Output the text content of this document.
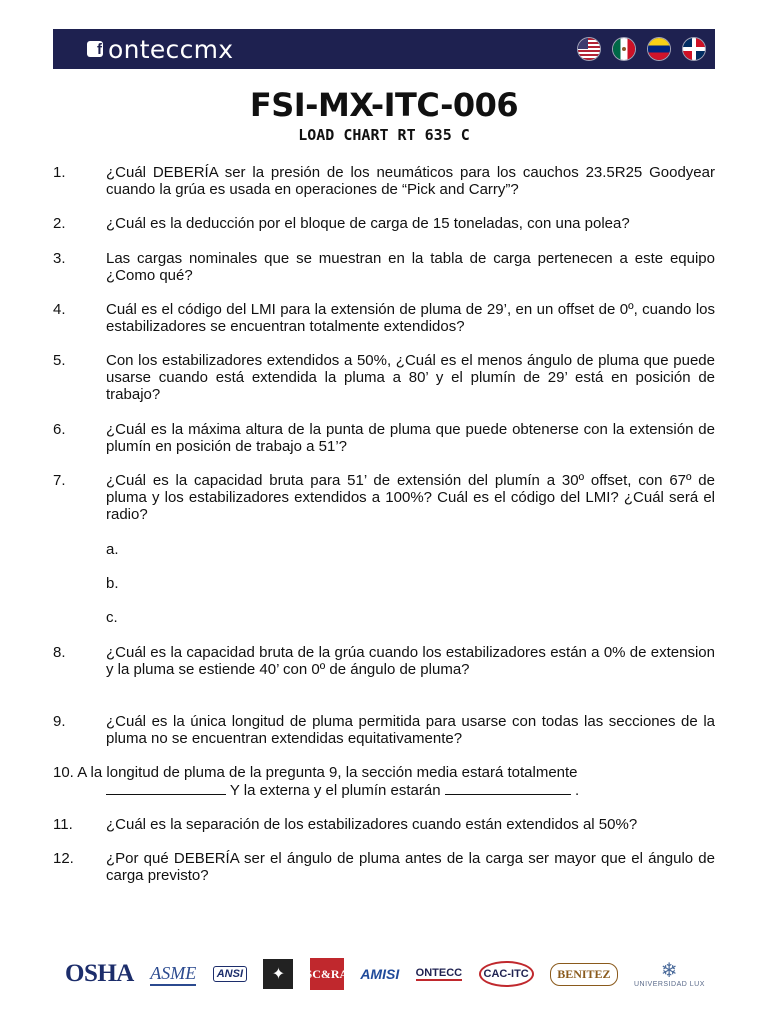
f onteccmx
FSI-MX-ITC-006
LOAD CHART RT 635 C
1.	¿Cuál DEBERÍA ser la presión de los neumáticos para los cauchos 23.5R25 Goodyear cuando la grúa es usada en operaciones de “Pick and Carry”?
2.	¿Cuál es la deducción por el bloque de carga de 15 toneladas, con una polea?
3.	Las cargas nominales que se muestran en la tabla de carga pertenecen a este equipo ¿Como qué?
4.	Cuál es el código del LMI para la extensión de pluma de 29’, en un offset de 0º, cuando los estabilizadores se encuentran totalmente extendidos?
5.	Con los estabilizadores extendidos a 50%, ¿Cuál es el menos ángulo de pluma que puede usarse cuando está extendida la pluma a 80’ y el plumín de 29’ está en posición de trabajo?
6.	¿Cuál es la máxima altura de la punta de pluma que puede obtenerse con la extensión de plumín en posición de trabajo a 51’?
7.	¿Cuál es la capacidad bruta para 51’ de extensión del plumín a 30º offset, con 67º de pluma y los estabilizadores extendidos a 100%? Cuál es el código del LMI? ¿Cuál será el radio?
a.
b.
c.
8.	¿Cuál es la capacidad bruta de la grúa cuando los estabilizadores están a 0% de extension y la pluma se estiende 40’ con 0º de ángulo de pluma?
9.	¿Cuál es la única longitud de pluma permitida para usarse con todas las secciones de la pluma no se encuentran extendidas equitativamente?
10. A la longitud de pluma de la pregunta 9, la sección media estará totalmente
Y la externa y el plumín estarán	.
11. ¿Cuál es la separación de los estabilizadores cuando están extendidos al 50%?
12. ¿Por qué DEBERÍA ser el ángulo de pluma antes de la carga ser mayor que el ángulo de carga previsto?
OSHA ASME	ANSI	✦	SC&RA AMISI ONTECC	CAC-ITC	BENITEZ	❄
UNIVERSIDAD LUX
